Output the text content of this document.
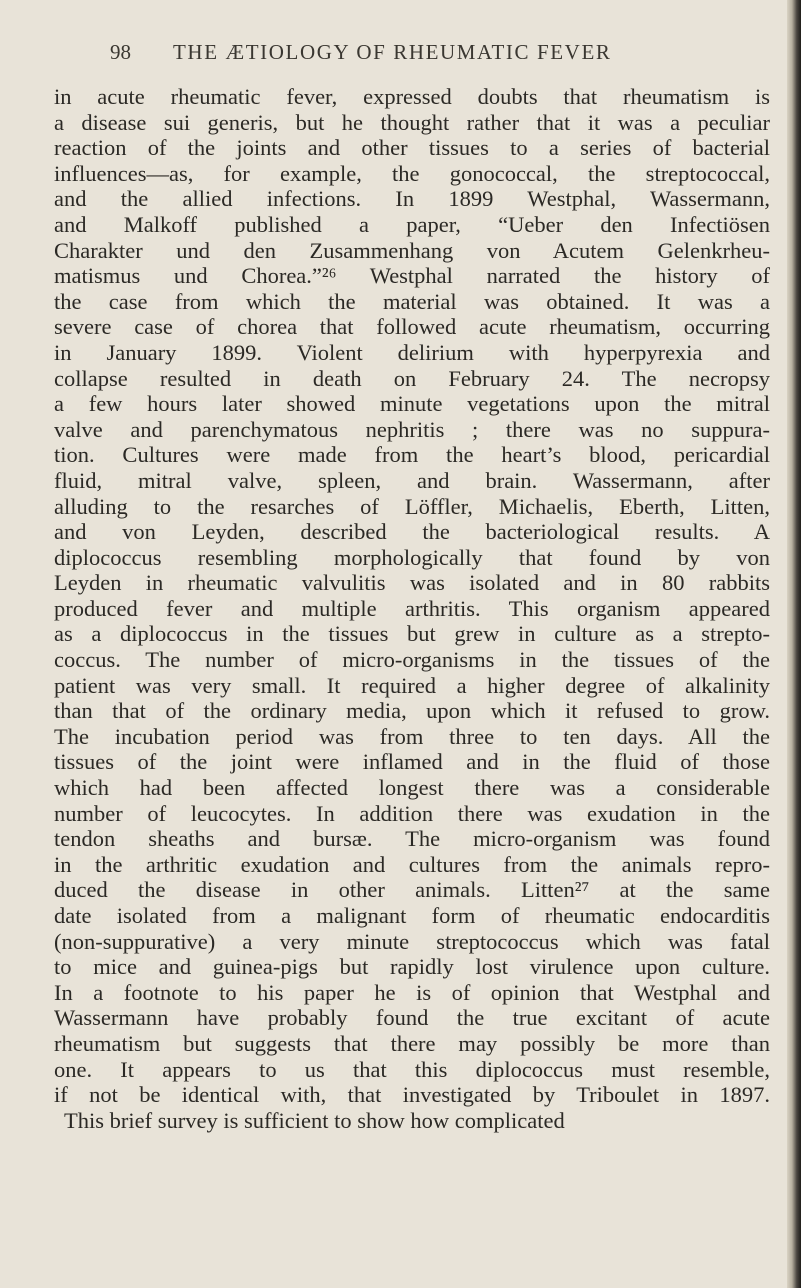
98 THE ÆTIOLOGY OF RHEUMATIC FEVER
in acute rheumatic fever, expressed doubts that rheumatism is
a disease sui generis, but he thought rather that it was a peculiar
reaction of the joints and other tissues to a series of bacterial
influences—as, for example, the gonococcal, the streptococcal,
and the allied infections. In 1899 Westphal, Wassermann,
and Malkoff published a paper, “Ueber den Infectiösen
Charakter und den Zusammenhang von Acutem Gelenkrheu-
matismus und Chorea.”²⁶ Westphal narrated the history of
the case from which the material was obtained. It was a
severe case of chorea that followed acute rheumatism, occurring
in January 1899. Violent delirium with hyperpyrexia and
collapse resulted in death on February 24. The necropsy
a few hours later showed minute vegetations upon the mitral
valve and parenchymatous nephritis ; there was no suppura-
tion. Cultures were made from the heart’s blood, pericardial
fluid, mitral valve, spleen, and brain. Wassermann, after
alluding to the resarches of Löffler, Michaelis, Eberth, Litten,
and von Leyden, described the bacteriological results. A
diplococcus resembling morphologically that found by von
Leyden in rheumatic valvulitis was isolated and in 80 rabbits
produced fever and multiple arthritis. This organism appeared
as a diplococcus in the tissues but grew in culture as a strepto-
coccus. The number of micro-organisms in the tissues of the
patient was very small. It required a higher degree of alkalinity
than that of the ordinary media, upon which it refused to grow.
The incubation period was from three to ten days. All the
tissues of the joint were inflamed and in the fluid of those
which had been affected longest there was a considerable
number of leucocytes. In addition there was exudation in the
tendon sheaths and bursæ. The micro-organism was found
in the arthritic exudation and cultures from the animals repro-
duced the disease in other animals. Litten²⁷ at the same
date isolated from a malignant form of rheumatic endocarditis
(non-suppurative) a very minute streptococcus which was fatal
to mice and guinea-pigs but rapidly lost virulence upon culture.
In a footnote to his paper he is of opinion that Westphal and
Wassermann have probably found the true excitant of acute
rheumatism but suggests that there may possibly be more than
one. It appears to us that this diplococcus must resemble,
if not be identical with, that investigated by Triboulet in 1897.
This brief survey is sufficient to show how complicated
